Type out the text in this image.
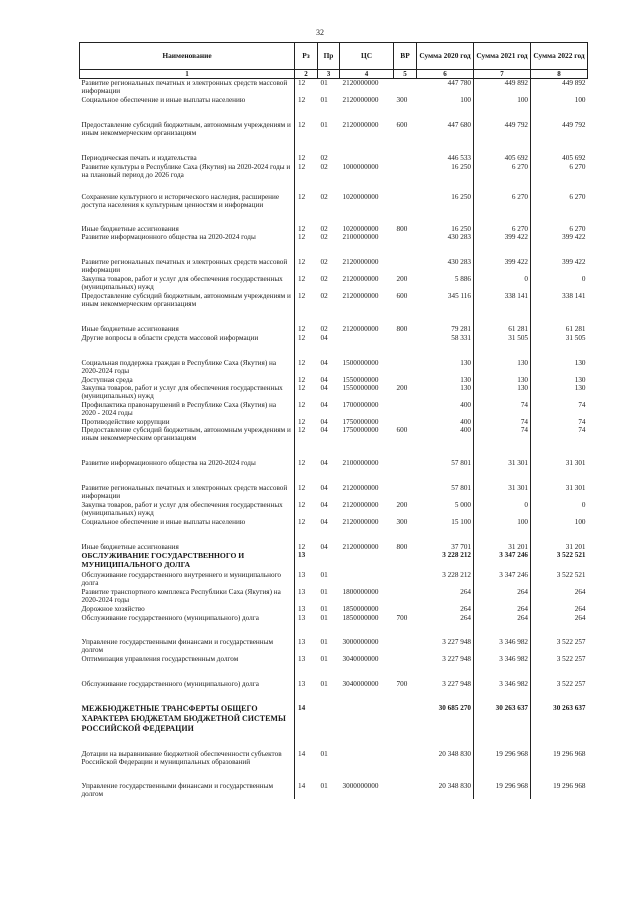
32
Наименование	Рз	Пр	ЦС	ВР	Сумма 2020 год	Сумма 2021 год	Сумма 2022 год
1	2	3	4	5	6	7	8
Развитие региональных печатных и электронных средств массовой информации	12	01	2120000000		447 780	449 892	449 892
Социальное обеспечение и иные выплаты населению	12	01	2120000000	300	100	100	100
Предоставление субсидий бюджетным, автономным учреждениям и иным некоммерческим организациям	12	01	2120000000	600	447 680	449 792	449 792
Периодическая печать и издательства	12	02			446 533	405 692	405 692
Развитие культуры в Республике Саха (Якутия) на 2020-2024 годы и на плановый период до 2026 года	12	02	1000000000		16 250	6 270	6 270
Сохранение культурного и исторического наследия, расширение доступа населения к культурным ценностям и информации	12	02	1020000000		16 250	6 270	6 270
Иные бюджетные ассигнования	12	02	1020000000	800	16 250	6 270	6 270
Развитие информационного общества на 2020-2024 годы	12	02	2100000000		430 283	399 422	399 422
Развитие региональных печатных и электронных средств массовой информации	12	02	2120000000		430 283	399 422	399 422
Закупка товаров, работ и услуг для обеспечения государственных (муниципальных) нужд	12	02	2120000000	200	5 886	0	0
Предоставление субсидий бюджетным, автономным учреждениям и иным некоммерческим организациям	12	02	2120000000	600	345 116	338 141	338 141
Иные бюджетные ассигнования	12	02	2120000000	800	79 281	61 281	61 281
Другие вопросы в области средств массовой информации	12	04			58 331	31 505	31 505
Социальная поддержка граждан в Республике Саха (Якутия) на 2020-2024 годы	12	04	1500000000		130	130	130
Доступная среда	12	04	1550000000		130	130	130
Закупка товаров, работ и услуг для обеспечения государственных (муниципальных) нужд	12	04	1550000000	200	130	130	130
Профилактика правонарушений в Республике Саха (Якутия) на 2020 - 2024 годы	12	04	1700000000		400	74	74
Противодействие коррупции	12	04	1750000000		400	74	74
Предоставление субсидий бюджетным, автономным учреждениям и иным некоммерческим организациям	12	04	1750000000	600	400	74	74
Развитие информационного общества на 2020-2024 годы	12	04	2100000000		57 801	31 301	31 301
Развитие региональных печатных и электронных средств массовой информации	12	04	2120000000		57 801	31 301	31 301
Закупка товаров, работ и услуг для обеспечения государственных (муниципальных) нужд	12	04	2120000000	200	5 000	0	0
Социальное обеспечение и иные выплаты населению	12	04	2120000000	300	15 100	100	100
Иные бюджетные ассигнования	12	04	2120000000	800	37 701	31 201	31 201
ОБСЛУЖИВАНИЕ ГОСУДАРСТВЕННОГО И МУНИЦИПАЛЬНОГО ДОЛГА	13				3 228 212	3 347 246	3 522 521
Обслуживание государственного внутреннего и муниципального долга	13	01			3 228 212	3 347 246	3 522 521
Развитие транспортного комплекса Республики Саха (Якутия) на 2020-2024 годы	13	01	1800000000		264	264	264
Дорожное хозяйство	13	01	1850000000		264	264	264
Обслуживание государственного (муниципального) долга	13	01	1850000000	700	264	264	264
Управление государственными финансами и государственным долгом	13	01	3000000000		3 227 948	3 346 982	3 522 257
Оптимизация управления государственным долгом	13	01	3040000000		3 227 948	3 346 982	3 522 257
Обслуживание государственного (муниципального) долга	13	01	3040000000	700	3 227 948	3 346 982	3 522 257
МЕЖБЮДЖЕТНЫЕ ТРАНСФЕРТЫ ОБЩЕГО ХАРАКТЕРА БЮДЖЕТАМ БЮДЖЕТНОЙ СИСТЕМЫ РОССИЙСКОЙ ФЕДЕРАЦИИ	14				30 685 270	30 263 637	30 263 637
Дотации на выравнивание бюджетной обеспеченности субъектов Российской Федерации и муниципальных образований	14	01			20 348 830	19 296 968	19 296 968
Управление государственными финансами и государственным долгом	14	01	3000000000		20 348 830	19 296 968	19 296 968
